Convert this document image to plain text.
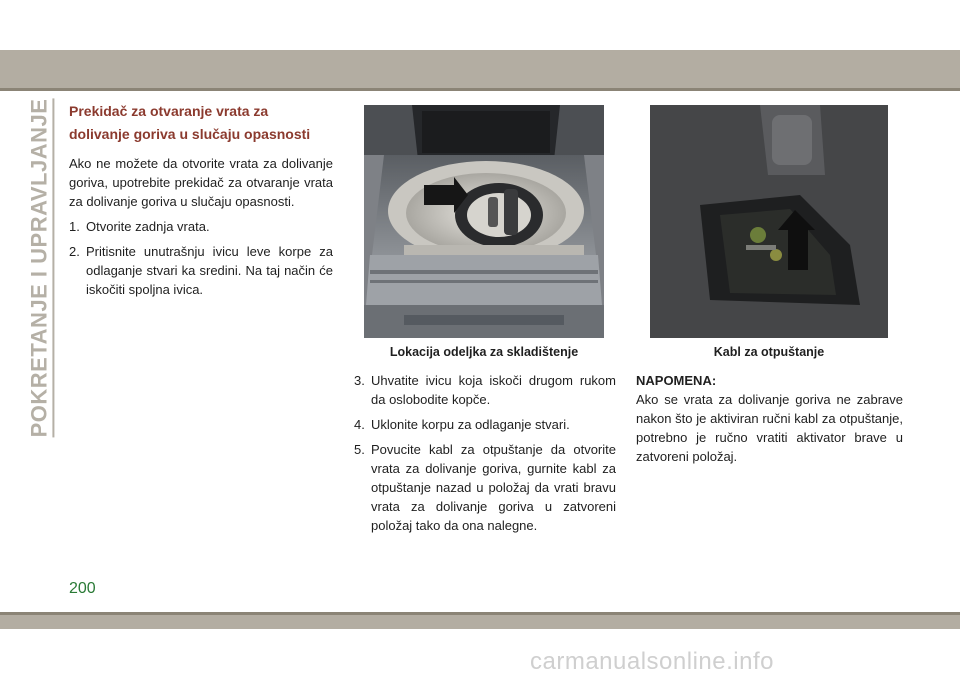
POKRETANJE I UPRAVLJANJE Prekidač za otvaranje vrata za
dolivanje goriva u slučaju opasnosti

Ako ne možete da otvorite vrata za dolivanje goriva, upotrebite prekidač za otvaranje vrata za dolivanje goriva u slučaju opasnosti.

1. Otvorite zadnja vrata.
2. Pritisnite unutrašnju ivicu leve korpe za odlaganje stvari ka sredini. Na taj način će iskočiti spoljna ivica.
Lokacija odeljka za skladištenje	Kabl za otpuštanje
3. Uhvatite ivicu koja iskoči drugom rukom da oslobodite kopče.
4. Uklonite korpu za odlaganje stvari.
5. Povucite kabl za otpuštanje da otvorite vrata za dolivanje goriva, gurnite kabl za otpuštanje nazad u položaj da vrati bravu vrata za dolivanje goriva u zatvoreni položaj tako da ona nalegne.
NAPOMENA:
Ako se vrata za dolivanje goriva ne zabrave nakon što je aktiviran ručni kabl za otpuštanje, potrebno je ručno vratiti aktivator brave u zatvoreni položaj.
200
carmanualsonline.info
